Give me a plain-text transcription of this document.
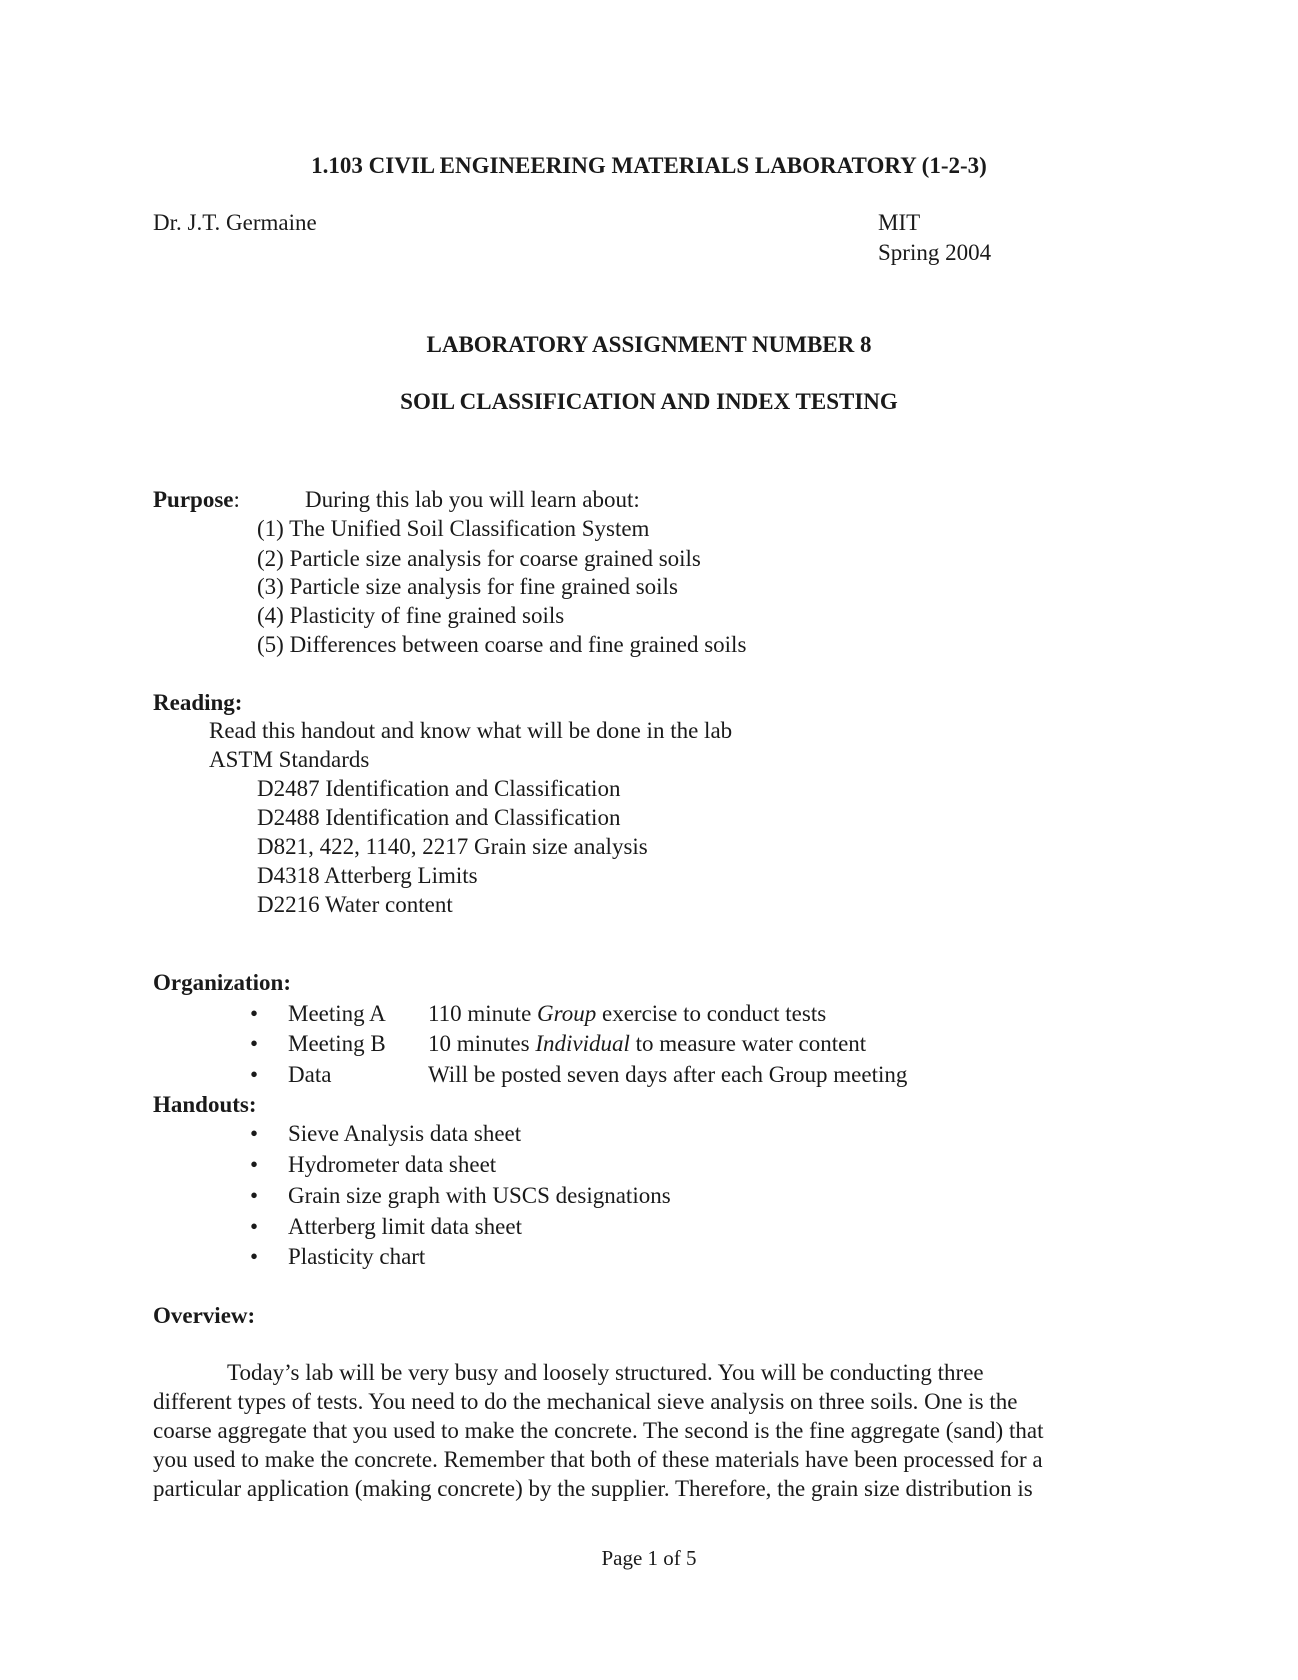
1.103 CIVIL ENGINEERING MATERIALS LABORATORY (1-2-3)
Dr. J.T. Germaine	MIT
Spring 2004
LABORATORY ASSIGNMENT NUMBER 8
SOIL CLASSIFICATION AND INDEX TESTING
Purpose:	During this lab you will learn about:
(1) The Unified Soil Classification System
(2) Particle size analysis for coarse grained soils
(3) Particle size analysis for fine grained soils
(4) Plasticity of fine grained soils
(5) Differences between coarse and fine grained soils
Reading:
Read this handout and know what will be done in the lab
ASTM Standards
D2487 Identification and Classification
D2488 Identification and Classification
D821, 422, 1140, 2217 Grain size analysis
D4318 Atterberg Limits
D2216 Water content
Organization:
• Meeting A 110 minute Group exercise to conduct tests
• Meeting B 10 minutes Individual to measure water content
• Data	Will be posted seven days after each Group meeting
Handouts:
• Sieve Analysis data sheet
• Hydrometer data sheet
• Grain size graph with USCS designations
• Atterberg limit data sheet
• Plasticity chart
Overview:
Today’s lab will be very busy and loosely structured. You will be conducting three
different types of tests. You need to do the mechanical sieve analysis on three soils. One is the
coarse aggregate that you used to make the concrete. The second is the fine aggregate (sand) that
you used to make the concrete. Remember that both of these materials have been processed for a
particular application (making concrete) by the supplier. Therefore, the grain size distribution is
Page 1 of 5
